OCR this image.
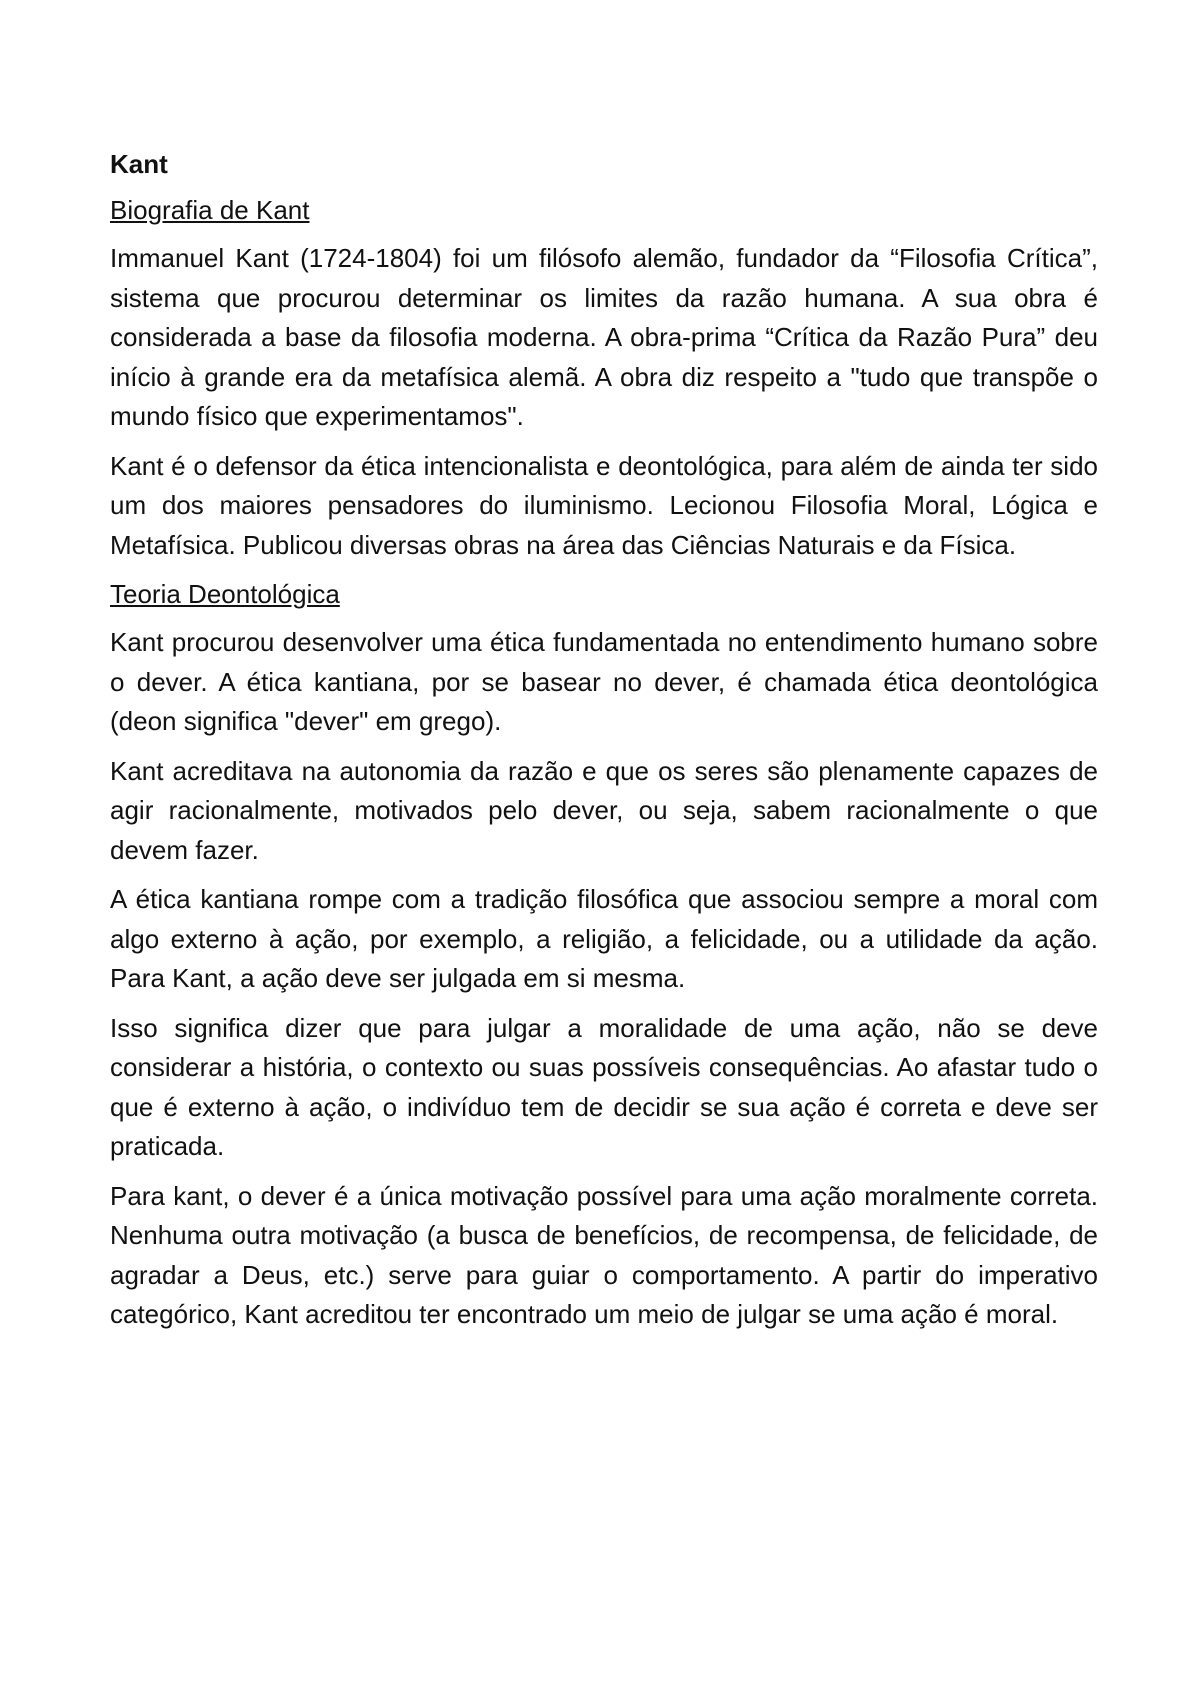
Kant
Biografia de Kant

Immanuel Kant (1724-1804) foi um filósofo alemão, fundador da “Filosofia Crítica”, sistema que procurou determinar os limites da razão humana. A sua obra é considerada a base da filosofia moderna. A obra-prima “Crítica da Razão Pura” deu início à grande era da metafísica alemã. A obra diz respeito a "tudo que transpõe o mundo físico que experimentamos".

Kant é o defensor da ética intencionalista e deontológica, para além de ainda ter sido um dos maiores pensadores do iluminismo. Lecionou Filosofia Moral, Lógica e Metafísica. Publicou diversas obras na área das Ciências Naturais e da Física.

Teoria Deontológica

Kant procurou desenvolver uma ética fundamentada no entendimento humano sobre o dever. A ética kantiana, por se basear no dever, é chamada ética deontológica (deon significa "dever" em grego).

Kant acreditava na autonomia da razão e que os seres são plenamente capazes de agir racionalmente, motivados pelo dever, ou seja, sabem racionalmente o que devem fazer.

A ética kantiana rompe com a tradição filosófica que associou sempre a moral com algo externo à ação, por exemplo, a religião, a felicidade, ou a utilidade da ação. Para Kant, a ação deve ser julgada em si mesma.

Isso significa dizer que para julgar a moralidade de uma ação, não se deve considerar a história, o contexto ou suas possíveis consequências. Ao afastar tudo o que é externo à ação, o indivíduo tem de decidir se sua ação é correta e deve ser praticada.

Para kant, o dever é a única motivação possível para uma ação moralmente correta. Nenhuma outra motivação (a busca de benefícios, de recompensa, de felicidade, de agradar a Deus, etc.) serve para guiar o comportamento. A partir do imperativo categórico, Kant acreditou ter encontrado um meio de julgar se uma ação é moral.
